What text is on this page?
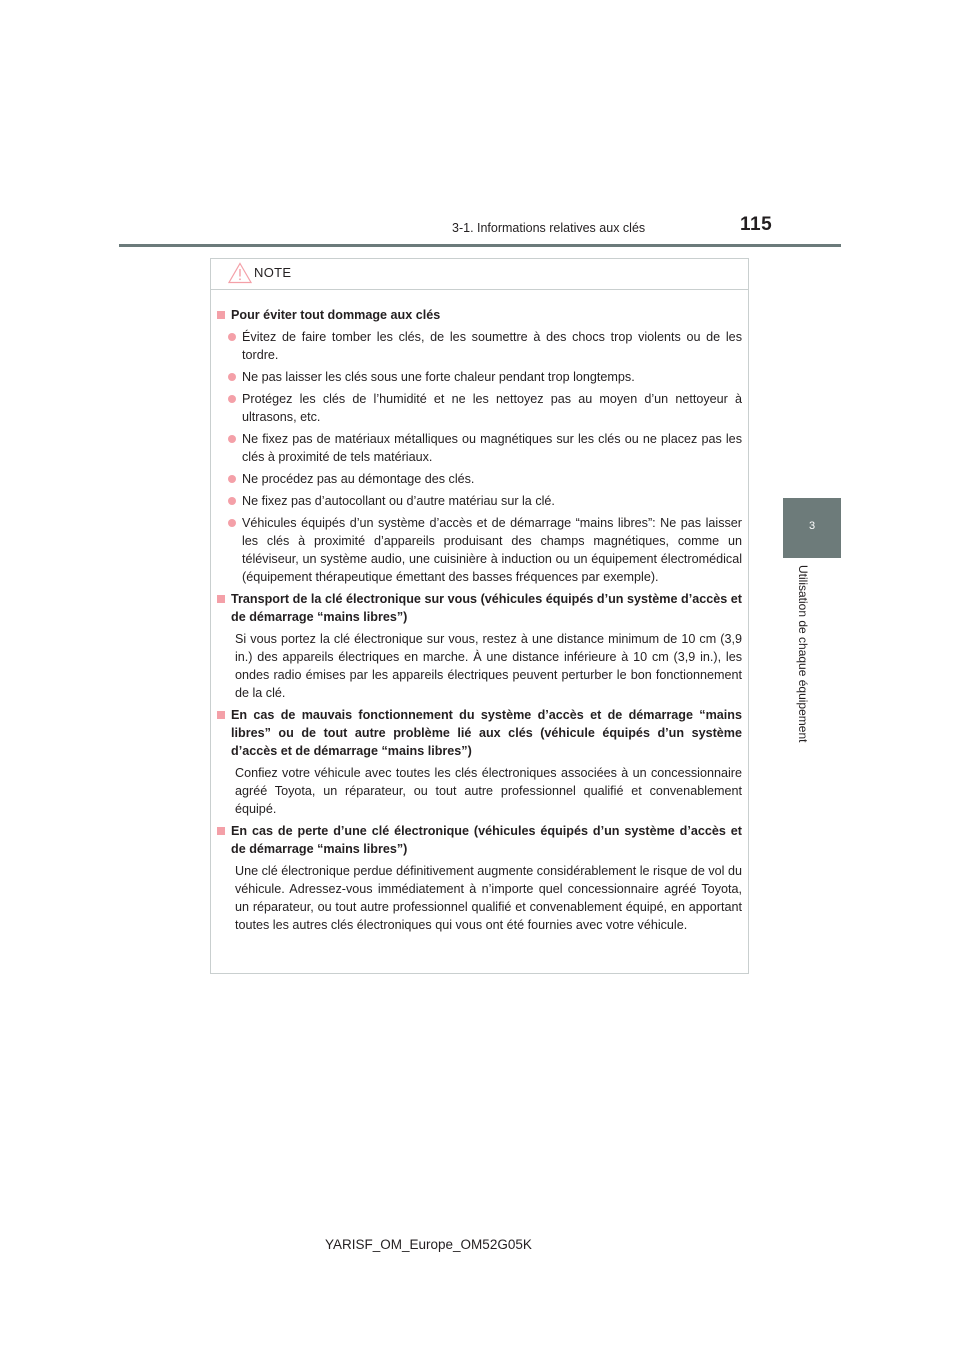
3-1. Informations relatives aux clés	115
3
Utilisation de chaque équipement
NOTE
Pour éviter tout dommage aux clés
Évitez de faire tomber les clés, de les soumettre à des chocs trop violents ou de les tordre.
Ne pas laisser les clés sous une forte chaleur pendant trop longtemps.
Protégez les clés de l’humidité et ne les nettoyez pas au moyen d’un nettoyeur à ultrasons, etc.
Ne fixez pas de matériaux métalliques ou magnétiques sur les clés ou ne placez pas les clés à proximité de tels matériaux.
Ne procédez pas au démontage des clés.
Ne fixez pas d’autocollant ou d’autre matériau sur la clé.
Véhicules équipés d’un système d’accès et de démarrage “mains libres”: Ne pas laisser les clés à proximité d’appareils produisant des champs magnétiques, comme un téléviseur, un système audio, une cuisinière à induction ou un équipement électromédical (équipement thérapeutique émettant des basses fréquences par exemple).
Transport de la clé électronique sur vous (véhicules équipés d’un système d’accès et de démarrage “mains libres”)
Si vous portez la clé électronique sur vous, restez à une distance minimum de 10 cm (3,9 in.) des appareils électriques en marche. À une distance inférieure à 10 cm (3,9 in.), les ondes radio émises par les appareils électriques peuvent perturber le bon fonctionnement de la clé.
En cas de mauvais fonctionnement du système d’accès et de démarrage “mains libres” ou de tout autre problème lié aux clés (véhicule équipés d’un système d’accès et de démarrage “mains libres”)
Confiez votre véhicule avec toutes les clés électroniques associées à un concessionnaire agréé Toyota, un réparateur, ou tout autre professionnel qualifié et convenablement équipé.
En cas de perte d’une clé électronique (véhicules équipés d’un système d’accès et de démarrage “mains libres”)
Une clé électronique perdue définitivement augmente considérablement le risque de vol du véhicule. Adressez-vous immédiatement à n’importe quel concessionnaire agréé Toyota, un réparateur, ou tout autre professionnel qualifié et convenablement équipé, en apportant toutes les autres clés électroniques qui vous ont été fournies avec votre véhicule.
YARISF_OM_Europe_OM52G05K
